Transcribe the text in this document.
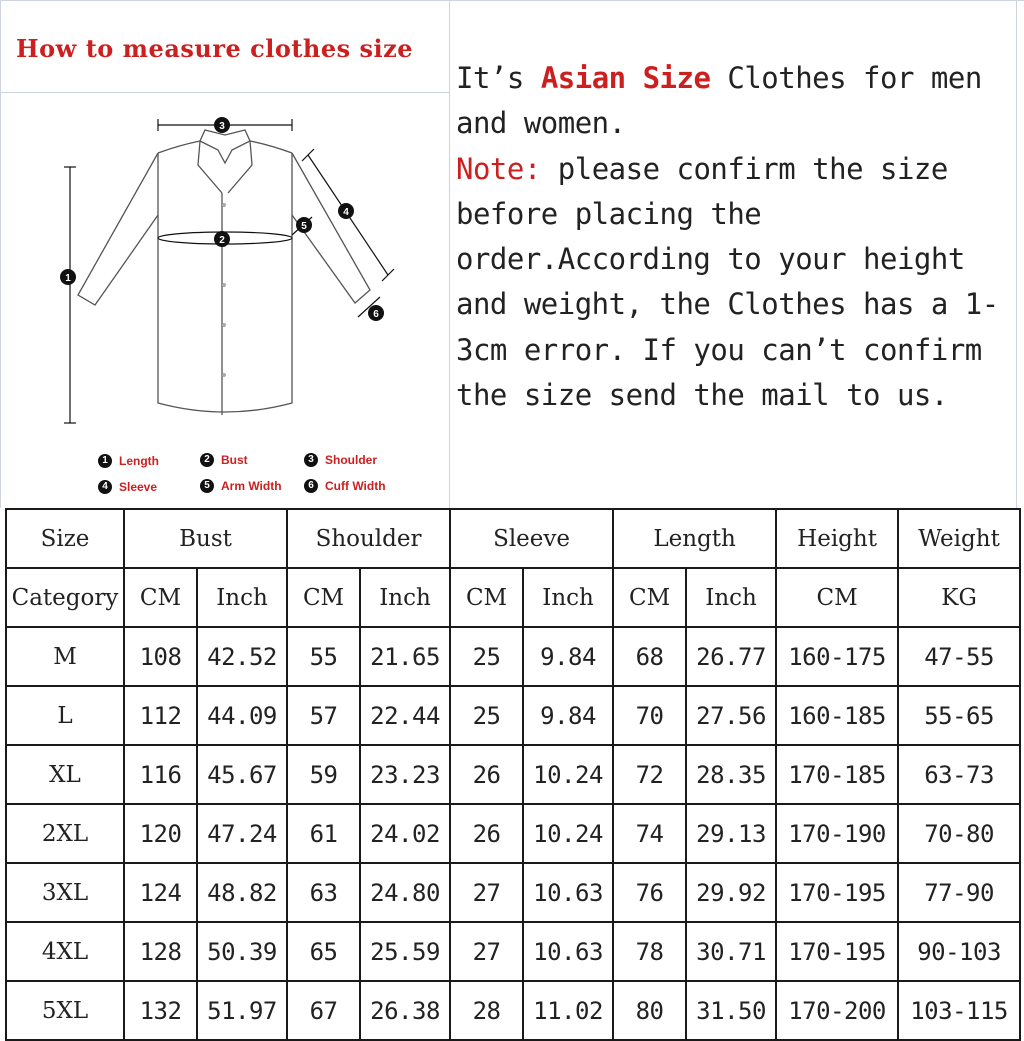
How to measure clothes size
3
1
2
4
5
6
1 Length	2 Bust	3 Shoulder
4 Sleeve	5 Arm Width	6 Cuff Width
It’s Asian Size Clothes for men and women.
Note: please confirm the size before placing the order.According to your height and weight, the Clothes has a 1-3cm error. If you can’t confirm the size send the mail to us.
Size	Bust		Shoulder		Sleeve		Length		Height	Weight
Category	CM	Inch	CM	Inch	CM	Inch	CM	Inch	CM	KG
M	108	42.52	55	21.65	25	9.84	68	26.77	160-175	47-55
L	112	44.09	57	22.44	25	9.84	70	27.56	160-185	55-65
XL	116	45.67	59	23.23	26	10.24	72	28.35	170-185	63-73
2XL	120	47.24	61	24.02	26	10.24	74	29.13	170-190	70-80
3XL	124	48.82	63	24.80	27	10.63	76	29.92	170-195	77-90
4XL	128	50.39	65	25.59	27	10.63	78	30.71	170-195	90-103
5XL	132	51.97	67	26.38	28	11.02	80	31.50	170-200	103-115
